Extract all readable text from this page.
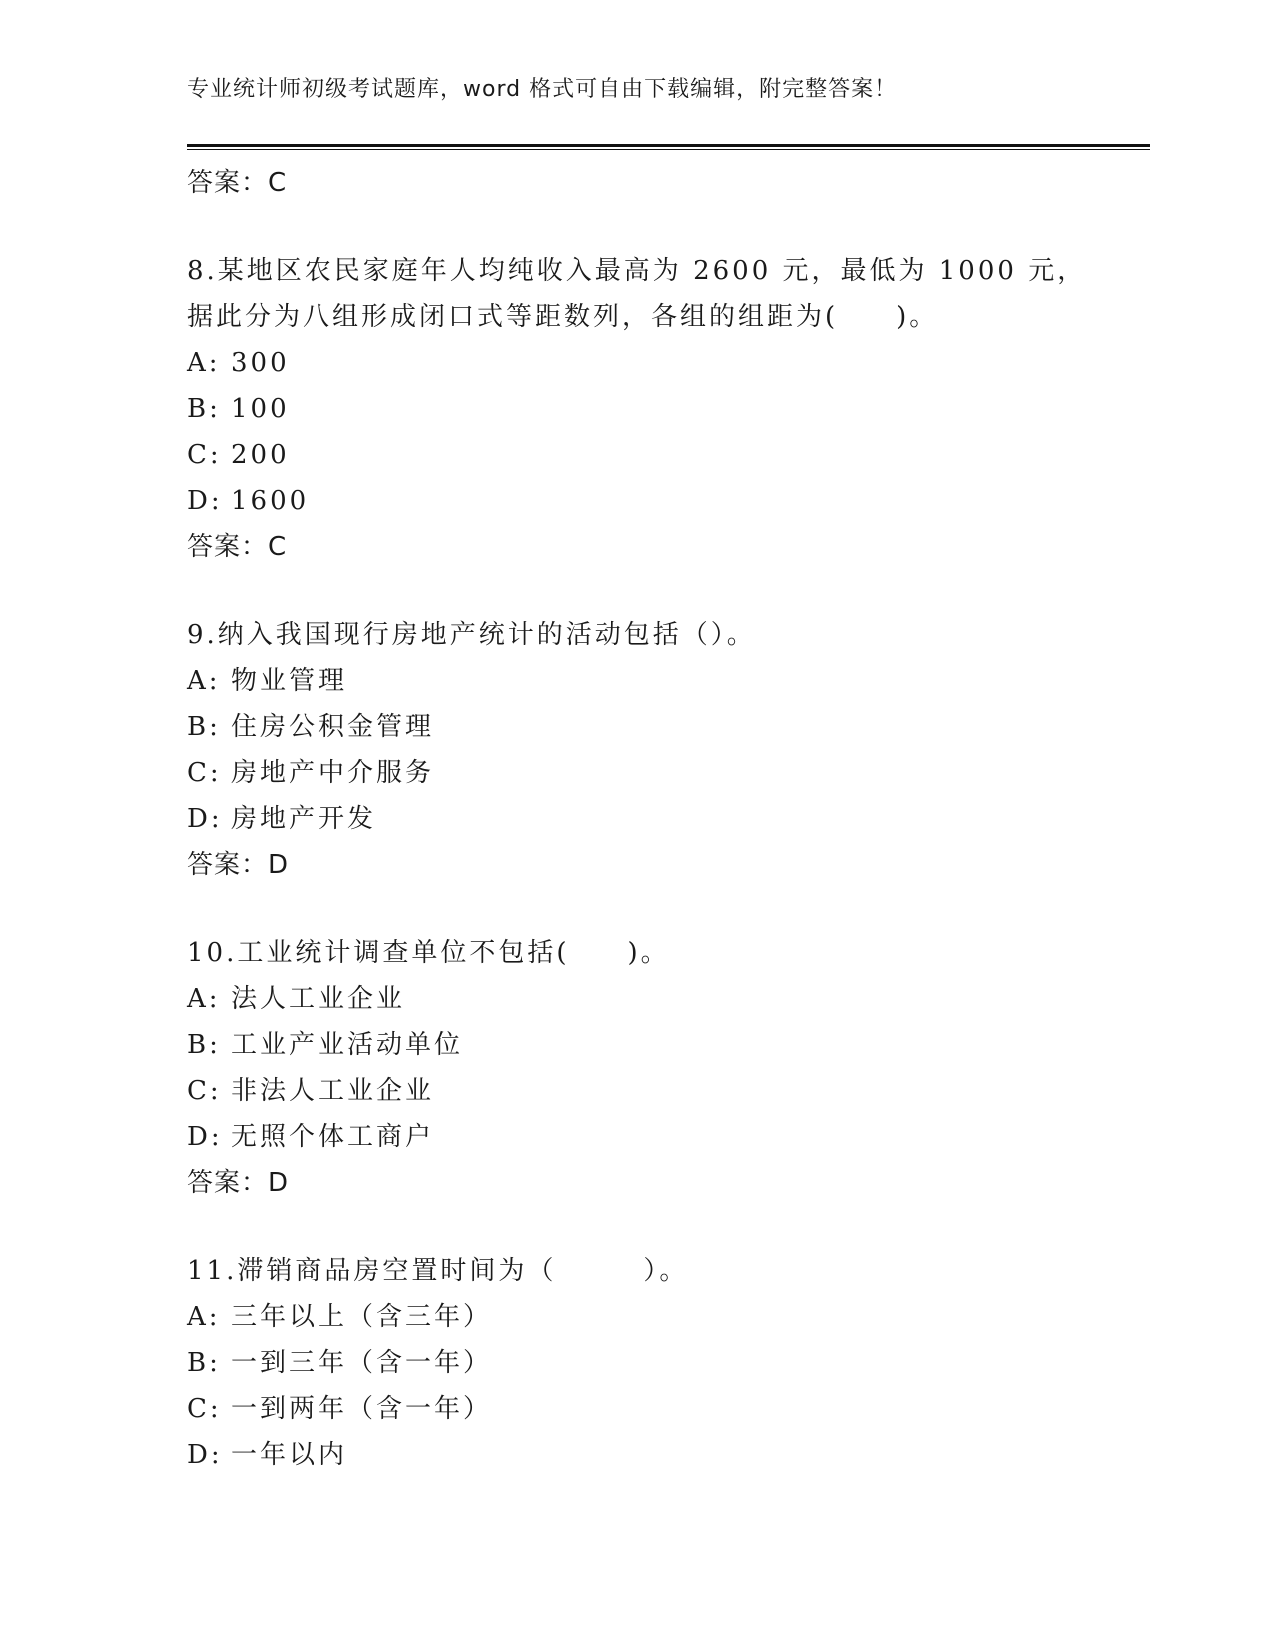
专业统计师初级考试题库，word 格式可自由下载编辑，附完整答案！
答案：C
8.某地区农民家庭年人均纯收入最高为 2600 元，最低为 1000 元，据此分为八组形成闭口式等距数列，各组的组距为(　　)。
A: 300
B: 100
C: 200
D: 1600
答案：C
9.纳入我国现行房地产统计的活动包括（）。
A: 物业管理
B: 住房公积金管理
C: 房地产中介服务
D: 房地产开发
答案：D
10.工业统计调查单位不包括(　　)。
A: 法人工业企业
B: 工业产业活动单位
C: 非法人工业企业
D: 无照个体工商户
答案：D
11.滞销商品房空置时间为（　　　）。
A: 三年以上（含三年）
B: 一到三年（含一年）
C: 一到两年（含一年）
D: 一年以内
